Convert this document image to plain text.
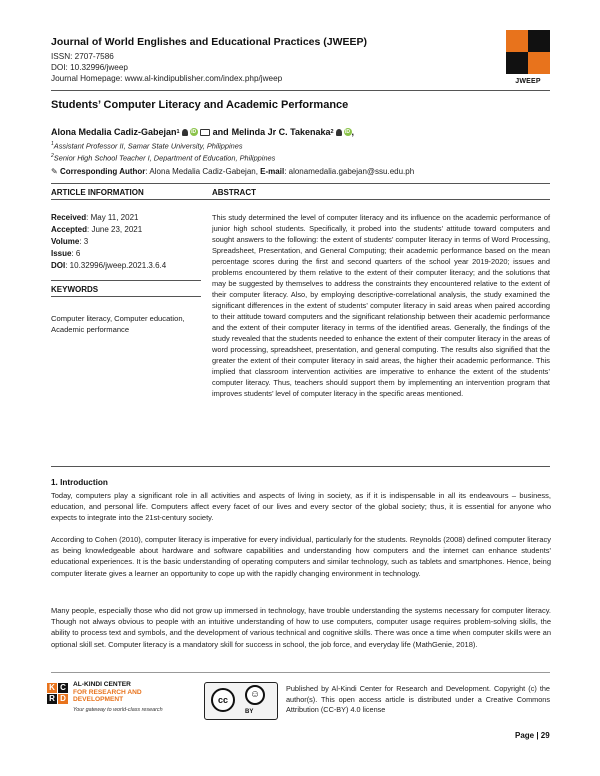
Journal of World Englishes and Educational Practices (JWEEP)
ISSN: 2707-7586
DOI: 10.32996/jweep
Journal Homepage: www.al-kindipublisher.com/index.php/jweep	JWEEP
Students’ Computer Literacy and Academic Performance
Alona Medalia Cadiz-Gabejan 1	iD and Melinda Jr C. Takenaka 2	iD ,
$^1$Assistant Professor II, Samar State University, Philippines
$^2$Senior High School Teacher I, Department of Education, Philippines
✎ Corresponding Author: Alona Medalia Cadiz-Gabejan, E-mail: alonamedalia.gabejan@ssu.edu.ph
ARTICLE INFORMATION	ABSTRACT
Received: May 11, 2021
Accepted: June 23, 2021
Volume: 3
Issue: 6
DOI: 10.32996/jweep.2021.3.6.4
KEYWORDS
Computer literacy, Computer education, Academic performance
This study determined the level of computer literacy and its influence on the academic performance of junior high school students. Specifically, it probed into the students’ attitude toward computers and sought answers to the following: the extent of students’ computer literacy in terms of Word Processing, Spreadsheet, Presentation, and General Computing; their academic performance based on the mean percentage scores during the first and second quarters of the school year 2019-2020; issues and problems encountered by them relative to the extent of their computer literacy; and the solutions that may be suggested by themselves to address the constraints they encountered relative to the extent of their computer literacy. Also, by employing descriptive-correlational analysis, the study examined the significant differences in the extent of students’ computer literacy in said areas when paired according to their attitude toward computers and the significant relationship between their academic performance and the extent of their computer literacy in terms of the identified areas. Generally, the findings of the study revealed that the students needed to enhance the extent of their computer literacy in the areas of word processing, spreadsheet, presentation, and general computing. The results also signified that the greater the extent of their computer literacy in said areas, the higher their academic performance. This implied that classroom intervention activities are imperative to enhance the extent of the students’ computer literacy. Thus, teachers should support them by implementing an intervention program that improves students’ level of computer literacy in the specific areas mentioned.
1. Introduction
Today, computers play a significant role in all activities and aspects of living in society, as if it is indispensable in all its endeavours – business, education, and personal life. Computers affect every facet of our lives and every sector of the global society; thus, it is essential for anyone who expects to integrate into the 21st-century society.
According to Cohen (2010), computer literacy is imperative for every individual, particularly for the students. Reynolds (2008) defined computer literacy as being knowledgeable about hardware and software capabilities and understanding how computers and the internet can enhance students' educational experiences. It is the basic understanding of operating computers and similar technology, such as tablets and smartphones. Hence, being computer literate gives a learner an opportunity to cope up with the rapidly changing environment in technology.
Many people, especially those who did not grow up immersed in technology, have trouble understanding the systems necessary for computer literacy. Though not always obvious to people with an intuitive understanding of how to use computers, computer usage requires problem-solving skills, the ability to process text and symbols, and the development of various technical and cognitive skills. There was once a time when computer skills were an optional skill set. Computer literacy is a mandatory skill for success in school, the job force, and everyday life (MathGenie, 2018).
K C
R D
AL-KINDI CENTER
FOR RESEARCH AND
DEVELOPMENT
Your gateway to world-class research
cc	☺
BY
Published by Al-Kindi Center for Research and Development. Copyright (c) the author(s). This open access article is distributed under a Creative Commons Attribution (CC-BY) 4.0 license
Page | 29
